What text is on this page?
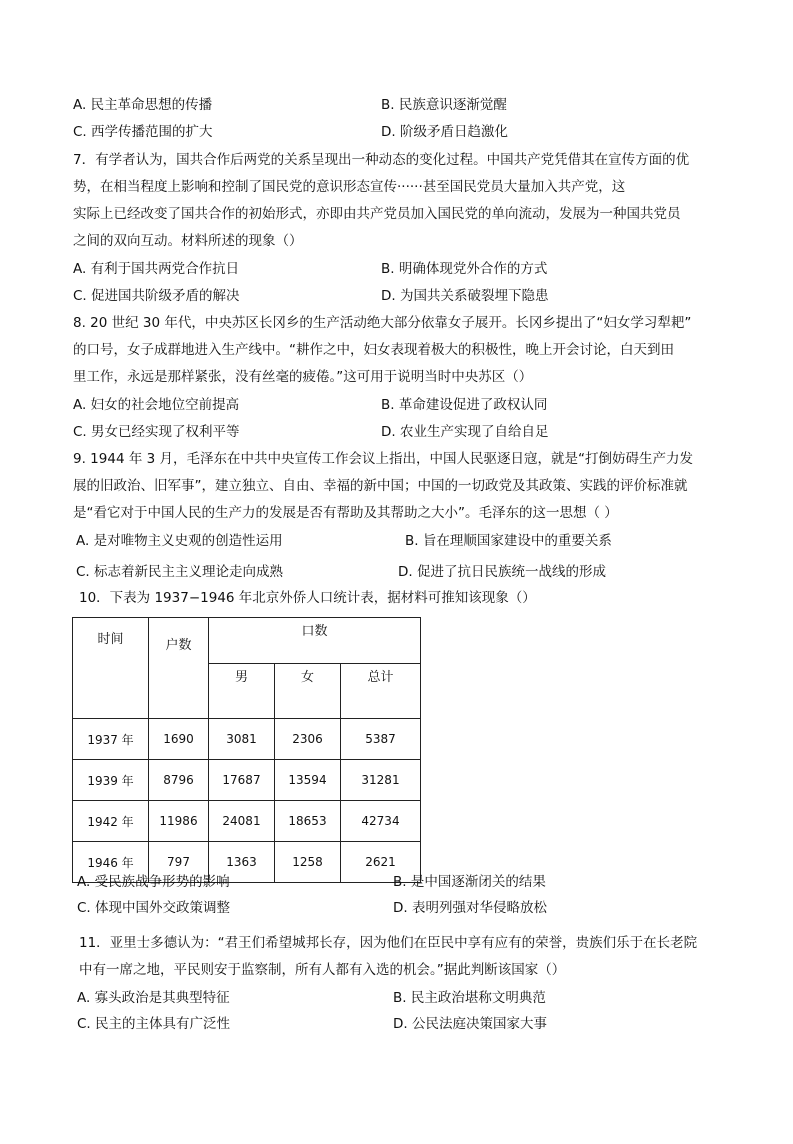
A. 民主革命思想的传播	B. 民族意识逐渐觉醒
C. 西学传播范围的扩大	D. 阶级矛盾日趋激化
7．有学者认为，国共合作后两党的关系呈现出一种动态的变化过程。中国共产党凭借其在宣传方面的优
势，在相当程度上影响和控制了国民党的意识形态宣传······甚至国民党员大量加入共产党，这
实际上已经改变了国共合作的初始形式，亦即由共产党员加入国民党的单向流动，发展为一种国共党员
之间的双向互动。材料所述的现象（）
A. 有利于国共两党合作抗日	B. 明确体现党外合作的方式
C. 促进国共阶级矛盾的解决	D. 为国共关系破裂埋下隐患
8. 20 世纪 30 年代，中央苏区长冈乡的生产活动绝大部分依靠女子展开。长冈乡提出了“妇女学习犁耙”
的口号，女子成群地进入生产线中。“耕作之中，妇女表现着极大的积极性，晚上开会讨论，白天到田
里工作，永远是那样紧张，没有丝毫的疲倦。”这可用于说明当时中央苏区（）
A. 妇女的社会地位空前提高	B. 革命建设促进了政权认同
C. 男女已经实现了权利平等	D. 农业生产实现了自给自足
9. 1944 年 3 月，毛泽东在中共中央宣传工作会议上指出，中国人民驱逐日寇，就是“打倒妨碍生产力发
展的旧政治、旧军事”，建立独立、自由、幸福的新中国；中国的一切政党及其政策、实践的评价标准就
是“看它对于中国人民的生产力的发展是否有帮助及其帮助之大小”。毛泽东的这一思想（ ）
A. 是对唯物主义史观的创造性运用	B. 旨在理顺国家建设中的重要关系
C. 标志着新民主主义理论走向成熟	D. 促进了抗日民族统一战线的形成
10．下表为 1937−1946 年北京外侨人口统计表，据材料可推知该现象（）
时间	户数	口数		
		男	女	总计
1937 年	1690	3081	2306	5387
1939 年	8796	17687	13594	31281
1942 年	11986	24081	18653	42734
1946 年	797	1363	1258	2621
A. 受民族战争形势的影响	B. 是中国逐渐闭关的结果
C. 体现中国外交政策调整	D. 表明列强对华侵略放松
11．亚里士多德认为：“君王们希望城邦长存，因为他们在臣民中享有应有的荣誉，贵族们乐于在长老院
中有一席之地，平民则安于监察制，所有人都有入选的机会。”据此判断该国家（）
A. 寡头政治是其典型特征	B. 民主政治堪称文明典范
C. 民主的主体具有广泛性	D. 公民法庭决策国家大事
